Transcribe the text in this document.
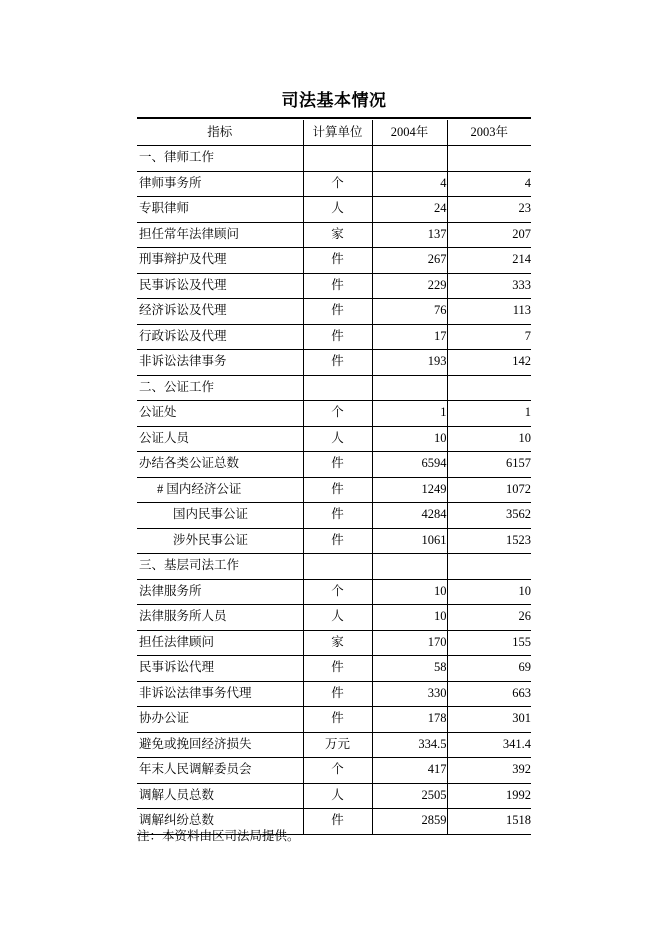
司法基本情况
指标	计算单位	2004年	2003年
一、律师工作			
律师事务所	个	4	4
专职律师	人	24	23
担任常年法律顾问	家	137	207
刑事辩护及代理	件	267	214
民事诉讼及代理	件	229	333
经济诉讼及代理	件	76	113
行政诉讼及代理	件	17	7
非诉讼法律事务	件	193	142
二、公证工作			
公证处	个	1	1
公证人员	人	10	10
办结各类公证总数	件	6594	6157
# 国内经济公证	件	1249	1072
国内民事公证	件	4284	3562
涉外民事公证	件	1061	1523
三、基层司法工作			
法律服务所	个	10	10
法律服务所人员	人	10	26
担任法律顾问	家	170	155
民事诉讼代理	件	58	69
非诉讼法律事务代理	件	330	663
协办公证	件	178	301
避免或挽回经济损失	万元	334.5	341.4
年末人民调解委员会	个	417	392
调解人员总数	人	2505	1992
调解纠纷总数	件	2859	1518
注：本资料由区司法局提供。
